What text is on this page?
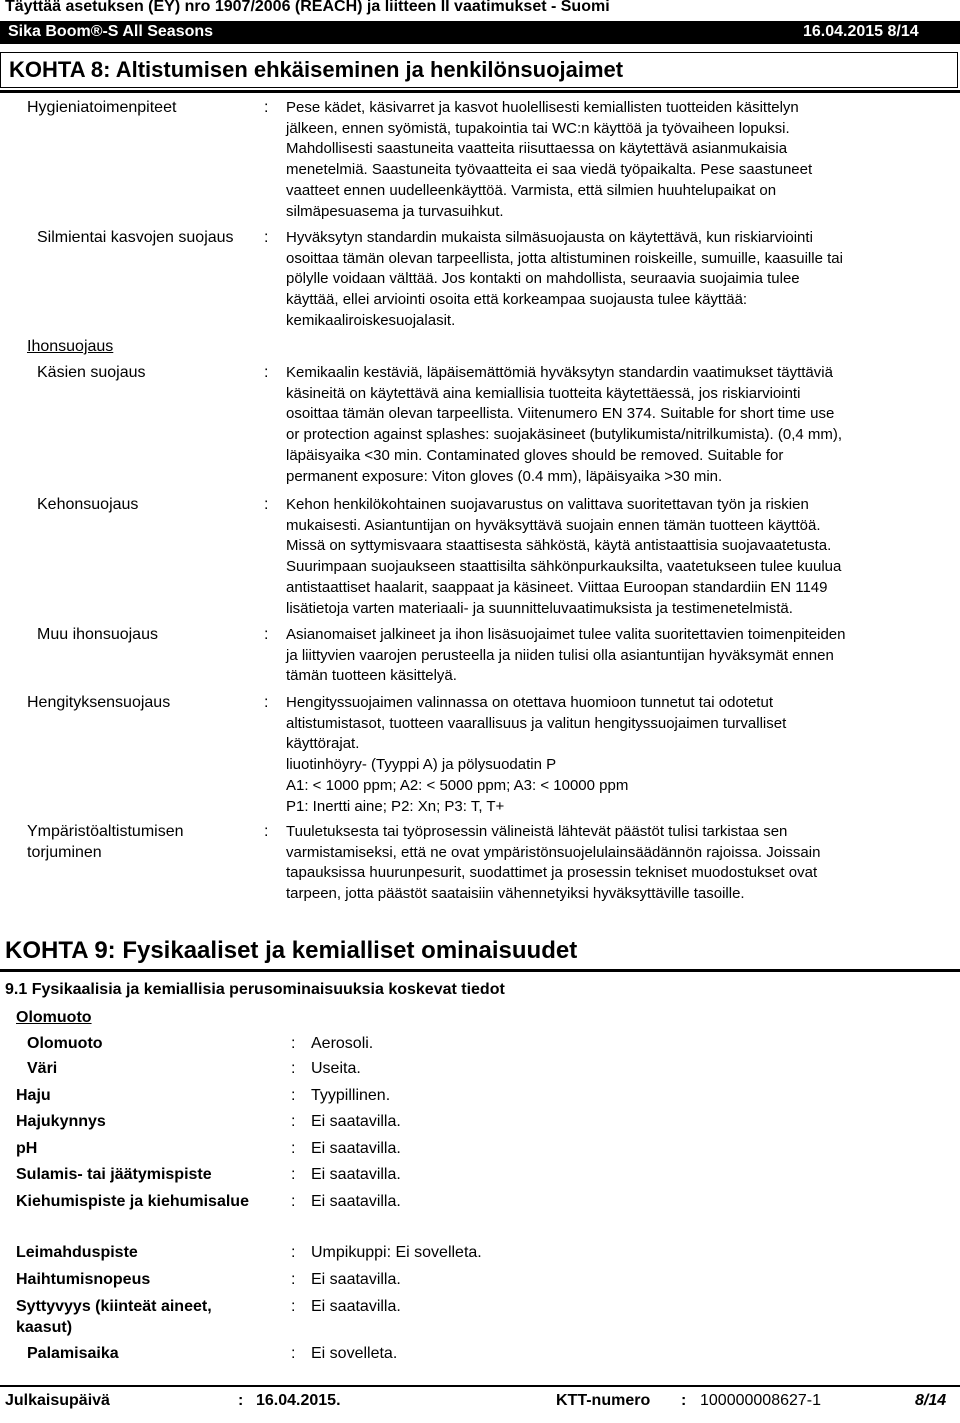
Täyttää asetuksen (EY) nro 1907/2006 (REACH) ja liitteen II vaatimukset - Suomi
Sika Boom®-S All Seasons	16.04.2015 8/14
KOHTA 8: Altistumisen ehkäiseminen ja henkilönsuojaimet
Hygieniatoimenpiteet	: Pese kädet, käsivarret ja kasvot huolellisesti kemiallisten tuotteiden käsittelyn
jälkeen, ennen syömistä, tupakointia tai WC:n käyttöä ja työvaiheen lopuksi.
Mahdollisesti saastuneita vaatteita riisuttaessa on käytettävä asianmukaisia
menetelmiä. Saastuneita työvaatteita ei saa viedä työpaikalta. Pese saastuneet
vaatteet ennen uudelleenkäyttöä. Varmista, että silmien huuhtelupaikat on
silmäpesuasema ja turvasuihkut.
Silmientai kasvojen suojaus	: Hyväksytyn standardin mukaista silmäsuojausta on käytettävä, kun riskiarviointi
osoittaa tämän olevan tarpeellista, jotta altistuminen roiskeille, sumuille, kaasuille tai
pölylle voidaan välttää. Jos kontakti on mahdollista, seuraavia suojaimia tulee
käyttää, ellei arviointi osoita että korkeampaa suojausta tulee käyttää:
kemikaaliroiskesuojalasit.
Ihonsuojaus
Käsien suojaus	: Kemikaalin kestäviä, läpäisemättömiä hyväksytyn standardin vaatimukset täyttäviä
käsineitä on käytettävä aina kemiallisia tuotteita käytettäessä, jos riskiarviointi
osoittaa tämän olevan tarpeellista. Viitenumero EN 374. Suitable for short time use
or protection against splashes: suojakäsineet (butylikumista/nitrilkumista). (0,4 mm),
läpäisyaika <30 min. Contaminated gloves should be removed. Suitable for
permanent exposure: Viton gloves (0.4 mm), läpäisyaika >30 min.
Kehonsuojaus	: Kehon henkilökohtainen suojavarustus on valittava suoritettavan työn ja riskien
mukaisesti. Asiantuntijan on hyväksyttävä suojain ennen tämän tuotteen käyttöä.
Missä on syttymisvaara staattisesta sähköstä, käytä antistaattisia suojavaatetusta.
Suurimpaan suojaukseen staattisilta sähkönpurkauksilta, vaatetukseen tulee kuulua
antistaattiset haalarit, saappaat ja käsineet. Viittaa Euroopan standardiin EN 1149
lisätietoja varten materiaali- ja suunnitteluvaatimuksista ja testimenetelmistä.
Muu ihonsuojaus	: Asianomaiset jalkineet ja ihon lisäsuojaimet tulee valita suoritettavien toimenpiteiden
ja liittyvien vaarojen perusteella ja niiden tulisi olla asiantuntijan hyväksymät ennen
tämän tuotteen käsittelyä.
Hengityksensuojaus	: Hengityssuojaimen valinnassa on otettava huomioon tunnetut tai odotetut
altistumistasot, tuotteen vaarallisuus ja valitun hengityssuojaimen turvalliset
käyttörajat.
liuotinhöyry- (Tyyppi A) ja pölysuodatin P
A1: < 1000 ppm; A2: < 5000 ppm; A3: < 10000 ppm
P1: Inertti aine; P2: Xn; P3: T, T+
Ympäristöaltistumisen torjuminen
: Tuuletuksesta tai työprosessin välineistä lähtevät päästöt tulisi tarkistaa sen
varmistamiseksi, että ne ovat ympäristönsuojelulainsäädännön rajoissa. Joissain
tapauksissa huurunpesurit, suodattimet ja prosessin tekniset muodostukset ovat
tarpeen, jotta päästöt saataisiin vähennetyiksi hyväksyttäville tasoille.
KOHTA 9: Fysikaaliset ja kemialliset ominaisuudet
9.1 Fysikaalisia ja kemiallisia perusominaisuuksia koskevat tiedot
Olomuoto
Olomuoto	: Aerosoli.
Väri	: Useita.
Haju	: Tyypillinen.
Hajukynnys	: Ei saatavilla.
pH	: Ei saatavilla.
Sulamis- tai jäätymispiste	: Ei saatavilla.
Kiehumispiste ja kiehumisalue	: Ei saatavilla.
Leimahduspiste	: Umpikuppi: Ei sovelleta.
Haihtumisnopeus	: Ei saatavilla.
Syttyvyys (kiinteät aineet, kaasut)
: Ei saatavilla.
Palamisaika	: Ei sovelleta.
Julkaisupäivä	: 16.04.2015.	KTT-numero : 100000008627-1	8/14
